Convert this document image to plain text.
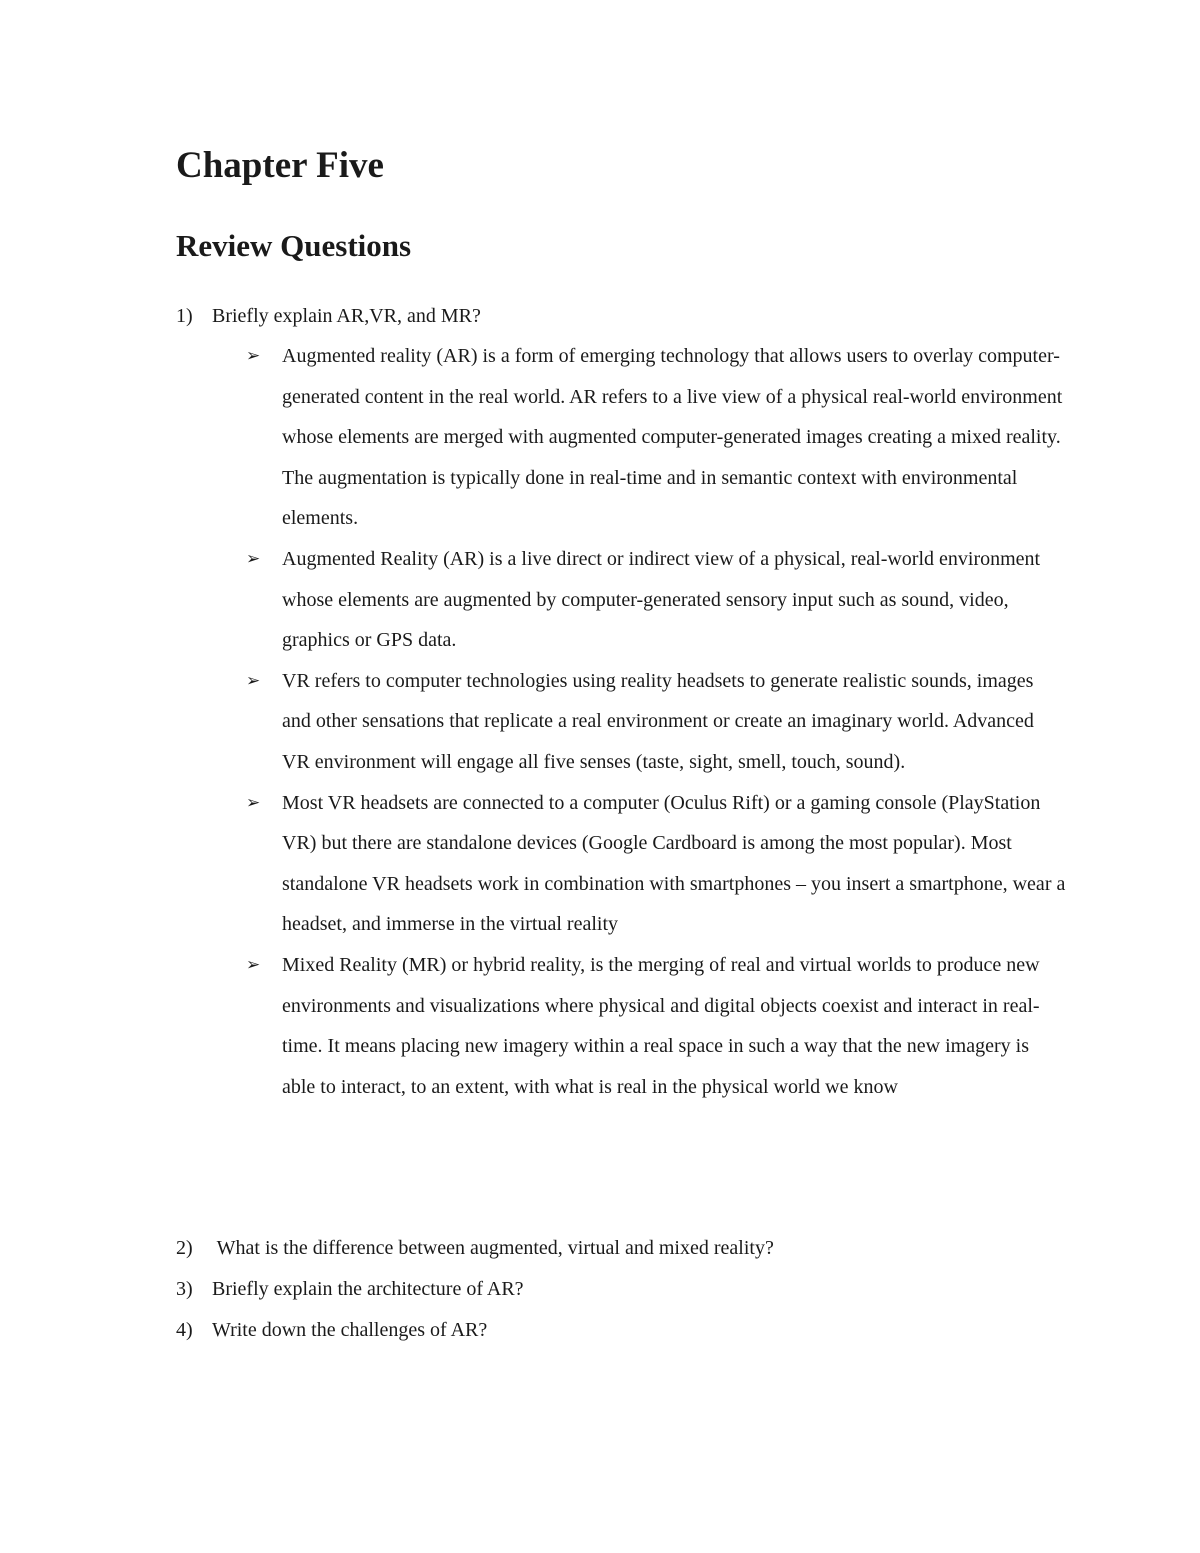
Chapter Five
Review Questions

1) Briefly explain AR,VR, and MR?

➢	Augmented reality (AR) is a form of emerging technology that allows users to overlay computer-generated content in the real world. AR refers to a live view of a physical real-world environment whose elements are merged with augmented computer-generated images creating a mixed reality. The augmentation is typically done in real-time and in semantic context with environmental elements.
➢	Augmented Reality (AR) is a live direct or indirect view of a physical, real-world environment whose elements are augmented by computer-generated sensory input such as sound, video, graphics or GPS data.
➢	VR refers to computer technologies using reality headsets to generate realistic sounds, images and other sensations that replicate a real environment or create an imaginary world. Advanced VR environment will engage all five senses (taste, sight, smell, touch, sound).
➢	Most VR headsets are connected to a computer (Oculus Rift) or a gaming console (PlayStation VR) but there are standalone devices (Google Cardboard is among the most popular). Most standalone VR headsets work in combination with smartphones – you insert a smartphone, wear a headset, and immerse in the virtual reality
➢	Mixed Reality (MR) or hybrid reality, is the merging of real and virtual worlds to produce new environments and visualizations where physical and digital objects coexist and interact in real-time. It means placing new imagery within a real space in such a way that the new imagery is able to interact, to an extent, with what is real in the physical world we know

2) What is the difference between augmented, virtual and mixed reality?

3) Briefly explain the architecture of AR?

4) Write down the challenges of AR?
